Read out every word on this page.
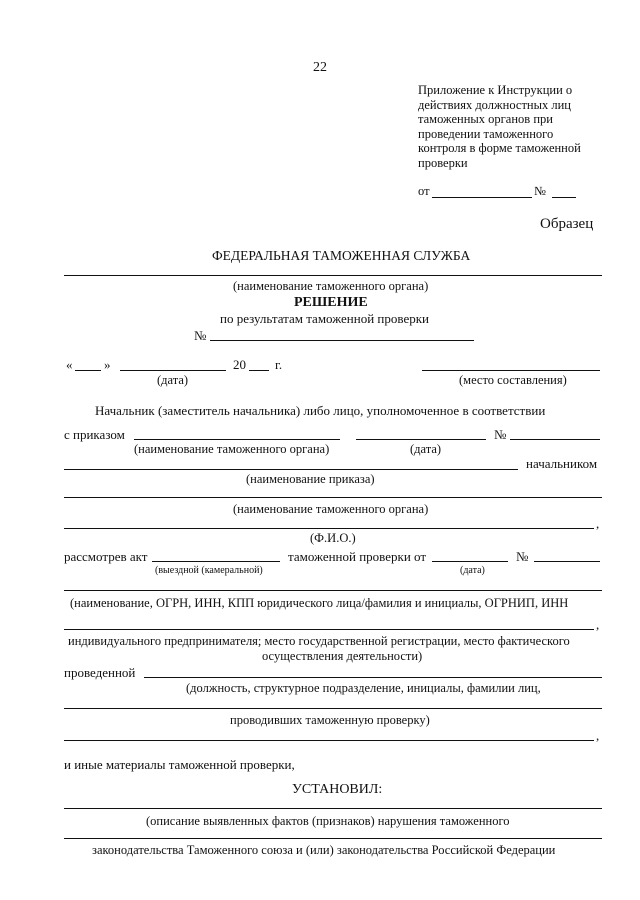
22
Приложение к Инструкции о
действиях должностных лиц
таможенных органов при
проведении таможенного
контроля в форме таможенной
проверки
от	№
Образец
ФЕДЕРАЛЬНАЯ ТАМОЖЕННАЯ СЛУЖБА
(наименование таможенного органа)
РЕШЕНИЕ
по результатам таможенной проверки
№
« »	20 г.
(дата)	(место составления)
Начальник (заместитель начальника) либо лицо, уполномоченное в соответствии
с приказом	№
(наименование таможенного органа)	(дата)
начальником
(наименование приказа)
(наименование таможенного органа)
,
(Ф.И.О.)
рассмотрев акт	таможенной проверки от	№
(выездной (камеральной)	(дата)
(наименование, ОГРН, ИНН, КПП юридического лица/фамилия и инициалы, ОГРНИП, ИНН
,
индивидуального предпринимателя; место государственной регистрации, место фактического
осуществления деятельности)
проведенной
(должность, структурное подразделение, инициалы, фамилии лиц,
проводивших таможенную проверку)
,
и иные материалы таможенной проверки,
УСТАНОВИЛ:
(описание выявленных фактов (признаков) нарушения таможенного
законодательства Таможенного союза и (или) законодательства Российской Федерации
